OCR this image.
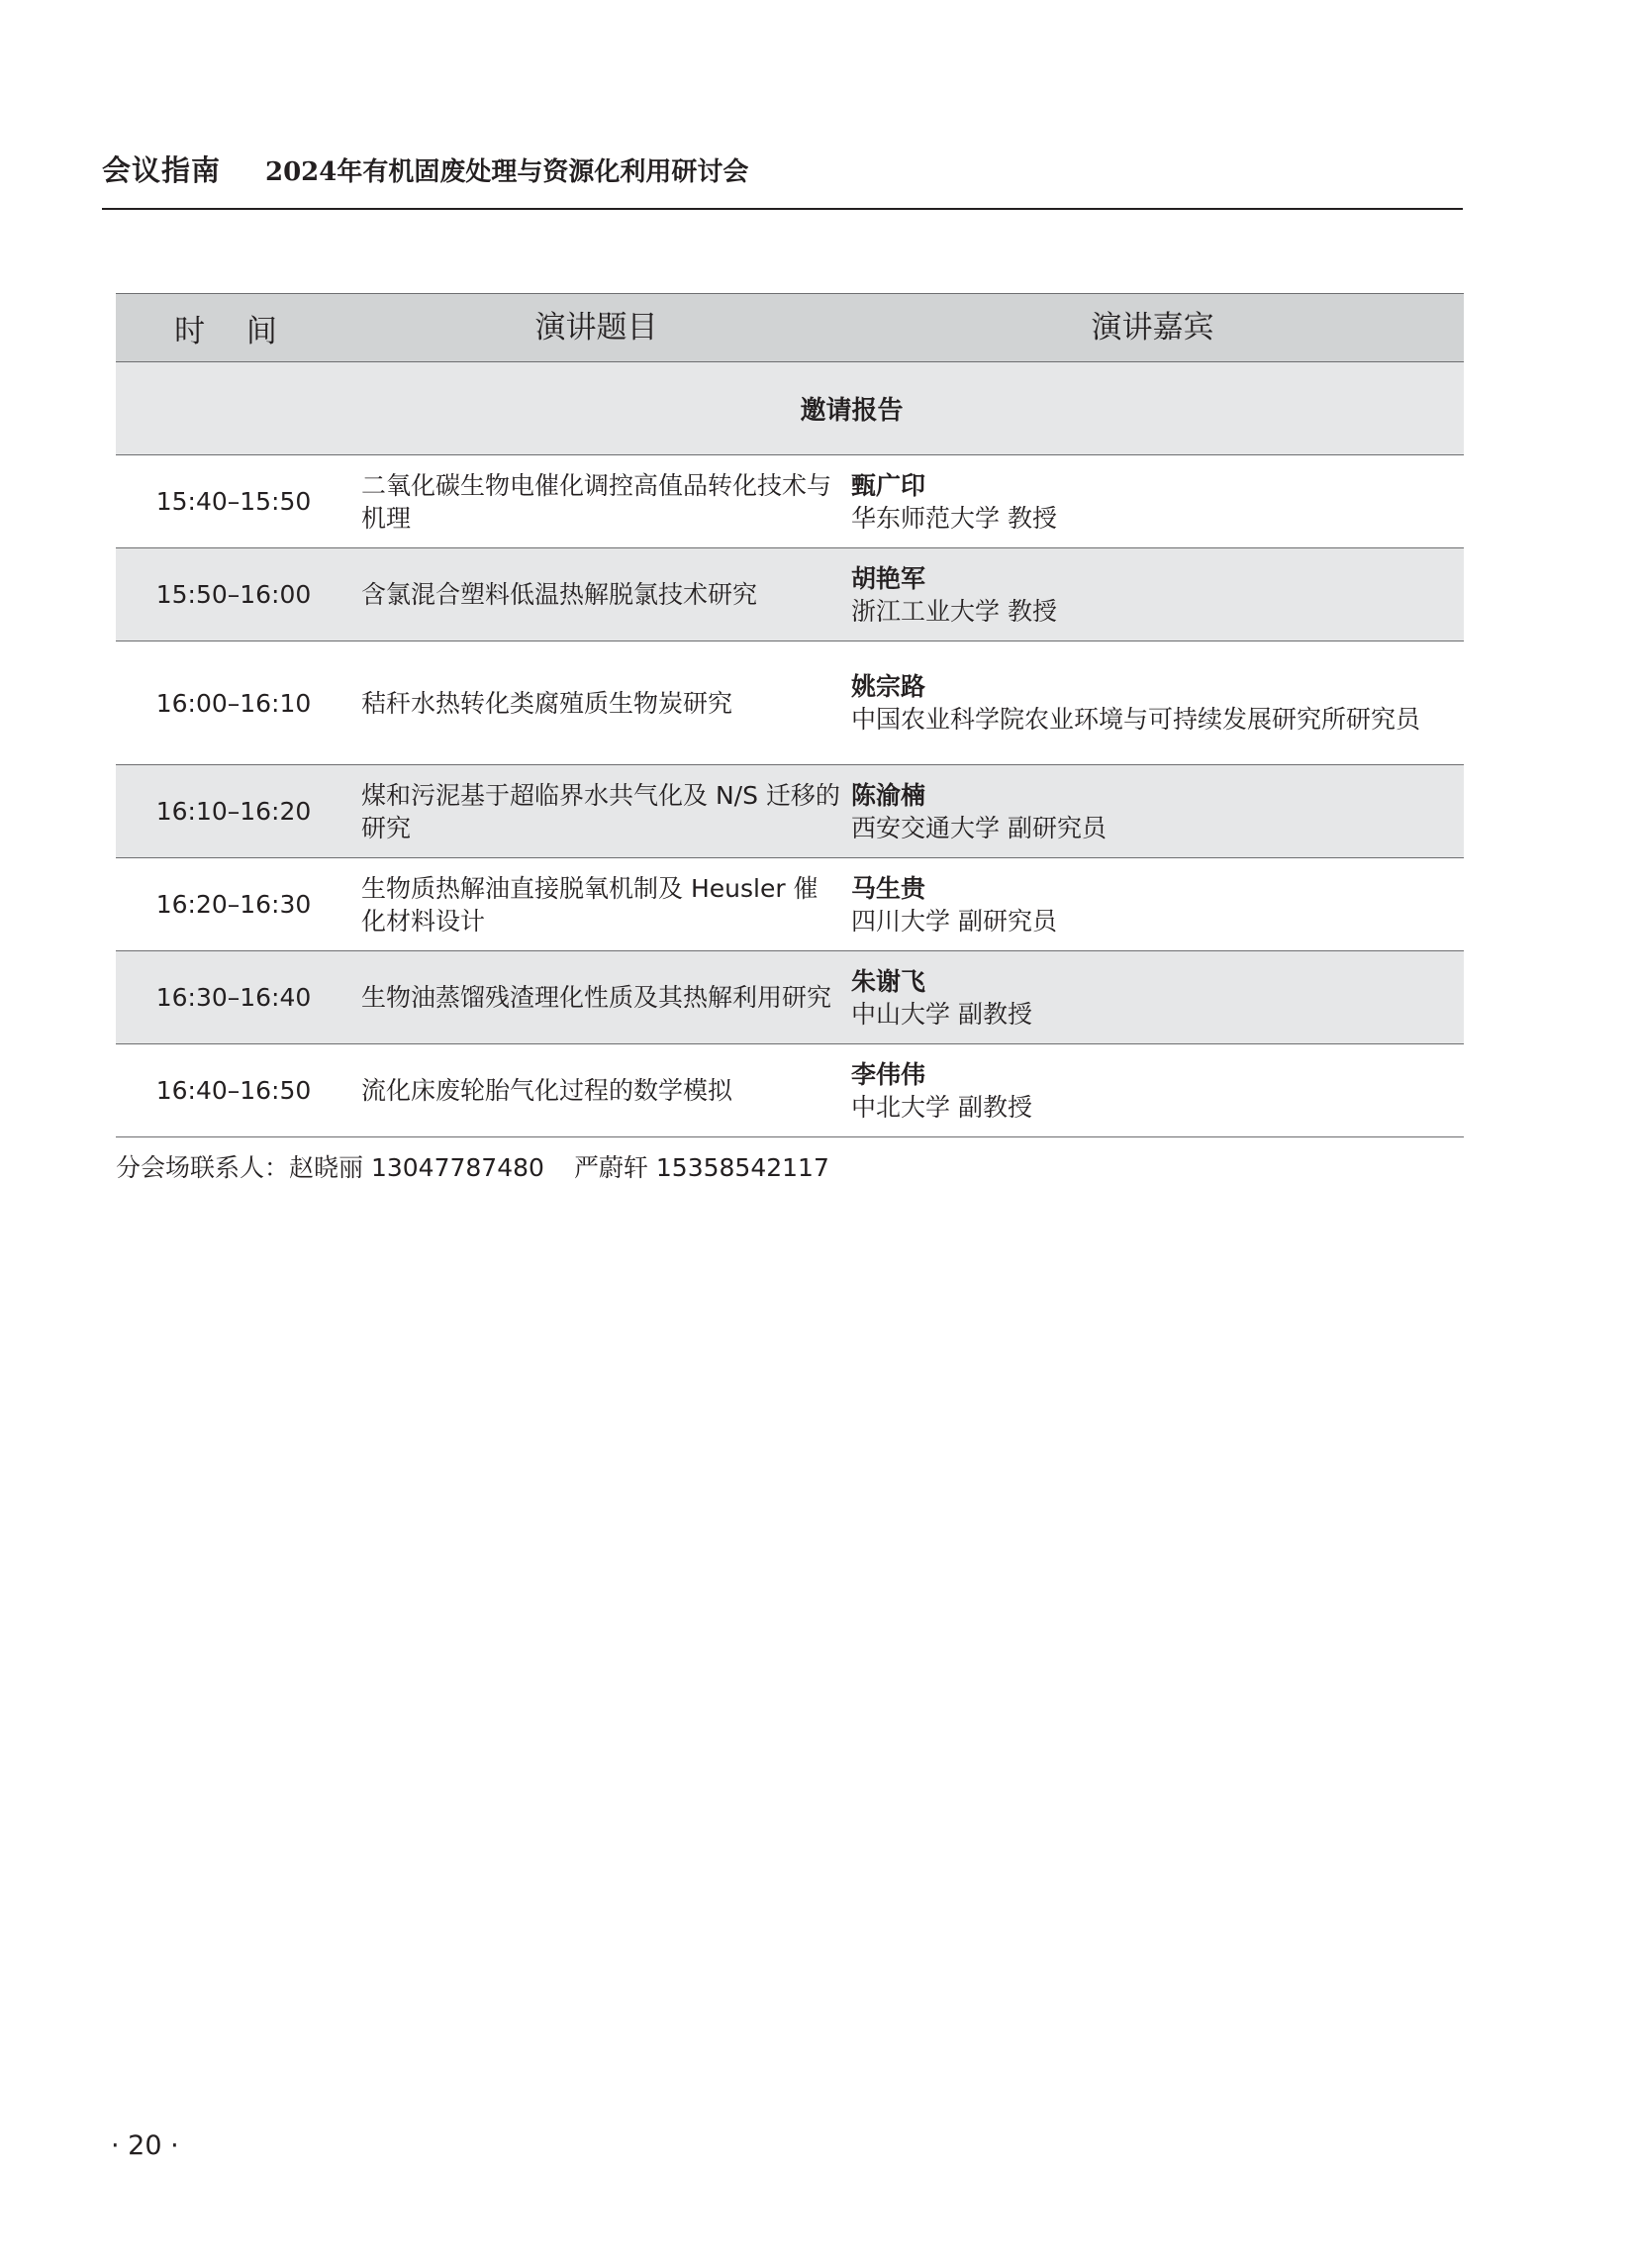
会议指南 2024年有机固废处理与资源化利用研讨会
时 间	演讲题目	演讲嘉宾
邀请报告
15:40–15:50
二氧化碳生物电催化调控高值品转化技术与机理
甄广印
华东师范大学 教授
15:50–16:00	含氯混合塑料低温热解脱氯技术研究
胡艳军
浙江工业大学 教授
16:00–16:10	秸秆水热转化类腐殖质生物炭研究
姚宗路
中国农业科学院农业环境与可持续发展研究所研究员
16:10–16:20
煤和污泥基于超临界水共气化及 N/S 迁移的研究
陈渝楠
西安交通大学 副研究员
16:20–16:30
生物质热解油直接脱氧机制及 Heusler 催化材料设计
马生贵
四川大学 副研究员
16:30–16:40	生物油蒸馏残渣理化性质及其热解利用研究
朱谢飞
中山大学 副教授
16:40–16:50	流化床废轮胎气化过程的数学模拟
李伟伟
中北大学 副教授
分会场联系人：赵晓丽 13047787480 严蔚轩 15358542117
· 20 ·
